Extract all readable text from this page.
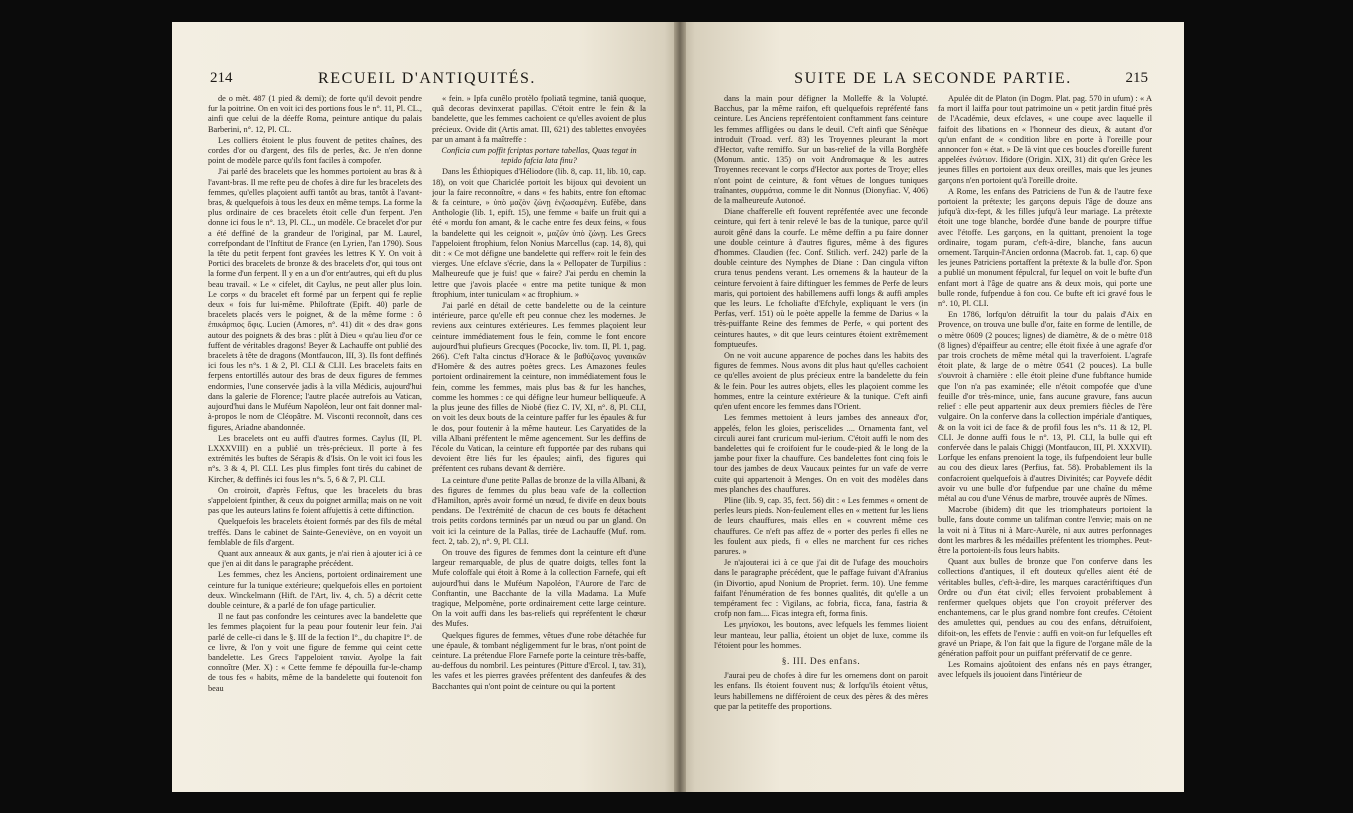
214	RECUEIL D'ANTIQUITÉS.

de o mèt. 487 (1 pied & demi); de forte qu'il devoit pendre fur la poitrine. On en voit ici des portions fous le n°. 11, Pl. CL., ainfi que celui de la déeffe Roma, peinture antique du palais Barberini, n°. 12, Pl. CL.

Les colliers étoient le plus fouvent de petites chaînes, des cordes d'or ou d'argent, des fils de perles, &c. Je n'en donne point de modèle parce qu'ils font faciles à compofer.

J'ai parlé des bracelets que les hommes portoient au bras & à l'avant-bras. Il me refte peu de chofes à dire fur les bracelets des femmes, qu'elles plaçoient auffi tantôt au bras, tantôt à l'avant-bras, & quelquefois à tous les deux en même temps. La forme la plus ordinaire de ces bracelets étoit celle d'un ferpent. J'en donne ici fous le n°. 13, Pl. CL., un modèle. Ce bracelet d'or pur a été deffiné de la grandeur de l'original, par M. Laurel, correfpondant de l'Inftitut de France (en Lyrien, l'an 1790). Sous la tête du petit ferpent font gravées les lettres K Y. On voit à Portici des bracelets de bronze & des bracelets d'or, qui tous ont la forme d'un ferpent. Il y en a un d'or entr'autres, qui eft du plus beau travail. « Le « cifelet, dit Caylus, ne peut aller plus loin. Le corps « du bracelet eft formé par un ferpent qui fe replie deux « fois fur lui-même. Philoftrate (Epift. 40) parle de bracelets placés vers le poignet, & de la même forme : ô ἐπικάρπιος ὄφις. Lucien (Amores, n°. 41) dit « des dra« gons autour des poignets & des bras : plût à Dieu « qu'au lieu d'or ce fuffent de véritables dragons! Beyer & Lachauffe ont publié des bracelets à tête de dragons (Montfaucon, III, 3). Ils font deffinés ici fous les n°s. 1 & 2, Pl. CLI & CLII. Les bracelets faits en ferpens entortillés autour des bras de deux figures de femmes endormies, l'une conservée jadis à la villa Médicis, aujourd'hui dans la galerie de Florence; l'autre placée autrefois au Vatican, aujourd'hui dans le Muféum Napoléon, leur ont fait donner mal-à-propos le nom de Cléopâtre. M. Visconti reconnoît, dans ces figures, Ariadne abandonnée.

Les bracelets ont eu auffi d'autres formes. Caylus (II, Pl. LXXXVIII) en a publié un très-précieux. Il porte à fes extrémités les buftes de Sérapis & d'Isis. On le voit ici fous les n°s. 3 & 4, Pl. CLI. Les plus fimples font tirés du cabinet de Kircher, & deffinés ici fous les n°s. 5, 6 & 7, Pl. CLI.

On croiroit, d'après Feftus, que les bracelets du bras s'appeloient fpinther, & ceux du poignet armilla; mais on ne voit pas que les auteurs latins fe foient affujettis à cette diftinction.

Quelquefois les bracelets étoient formés par des fils de métal treffés. Dans le cabinet de Sainte-Geneviève, on en voyoit un femblable de fils d'argent.

Quant aux anneaux & aux gants, je n'ai rien à ajouter ici à ce que j'en ai dit dans le paragraphe précédent.

Les femmes, chez les Anciens, portoient ordinairement une ceinture fur la tunique extérieure; quelquefois elles en portoient deux. Winckelmann (Hift. de l'Art, liv. 4, ch. 5) a décrit cette double ceinture, & a parlé de fon ufage particulier.

Il ne faut pas confondre les ceintures avec la bandelette que les femmes plaçoient fur la peau pour foutenir leur fein. J'ai parlé de celle-ci dans le §. III de la fection I°., du chapitre I°. de ce livre, & l'on y voit une figure de femme qui ceint cette bandelette. Les Grecs l'appeloient ταινία. Ayolpe la fait connoître (Mer. X) : « Cette femme fe dépouilla fur-le-champ de tous fes « habits, même de la bandelette qui foutenoit fon beau

« fein. » Ipfa cunêlo protèlo fpoliatâ tegmine, taniâ quoque, quâ decoras devinxerat papillas. C'étoit entre le fein & la bandelette, que les femmes cachoient ce qu'elles avoient de plus précieux. Ovide dit (Artis amat. III, 621) des tablettes envoyées par un amant à fa maîtreffe :

Conficia cum poffit fcriptas portare tabellas, Quas tegat in tepido fafcia lata finu?

Dans les Éthiopiques d'Héliodore (lib. 8, cap. 11, lib. 10, cap. 18), on voit que Chariclée portoit les bijoux qui devoient un jour la faire reconnoître, « dans « fes habits, entre fon eftomac & fa ceinture, » ὑπὸ μαζὸν ζώνῃ ἐνζωσαμένη. Eufèbe, dans Anthologie (lib. 1, epift. 15), une femme « baife un fruit qui a été « mordu fon amant, & le cache entre fes deux feins, « fous la bandelette qui les ceignoit », μαζῶν ὑπὸ ζώνῃ. Les Grecs l'appeloient ftrophium, felon Nonius Marcellus (cap. 14, 8), qui dit : « Ce mot défigne une bandelette qui reffer« roit le fein des vierges. Une efclave s'écrie, dans la « Pellopater de Turpilius : Malheureufe que je fuis! que « faire? J'ai perdu en chemin la lettre que j'avois placée « entre ma petite tunique & mon ftrophium, inter tuniculam « ac ftrophium. »

J'ai parlé en détail de cette bandelette ou de la ceinture intérieure, parce qu'elle eft peu connue chez les modernes. Je reviens aux ceintures extérieures. Les femmes plaçoient leur ceinture immédiatement fous le fein, comme le font encore aujourd'hui plufieurs Grecques (Pococke, liv. tom. II, Pl. 1, pag. 266). C'eft l'alta cinctus d'Horace & le βαθύζωνος γυναικῶν d'Homère & des autres poètes grecs. Les Amazones feules portoient ordinairement la ceinture, non immédiatement fous le fein, comme les femmes, mais plus bas & fur les hanches, comme les hommes : ce qui défigne leur humeur belliqueufe. A la plus jeune des filles de Niobé (fiez C. IV, XI, n°. 8, Pl. CLI, on voit les deux bouts de la ceinture paffer fur les épaules & fur le dos, pour foutenir à la même hauteur. Les Caryatides de la villa Albani préfentent le même agencement. Sur les deffins de l'école du Vatican, la ceinture eft fupportée par des rubans qui devoient être liés fur les épaules; ainfi, des figures qui préfentent ces rubans devant & derrière.

La ceinture d'une petite Pallas de bronze de la villa Albani, & des figures de femmes du plus beau vafe de la collection d'Hamilton, après avoir formé un nœud, fe divife en deux bouts pendans. De l'extrémité de chacun de ces bouts fe détachent trois petits cordons terminés par un nœud ou par un gland. On voit ici la ceinture de la Pallas, tirée de Lachauffe (Muf. rom. fect. 2, tab. 2), n°. 9, Pl. CLI.

On trouve des figures de femmes dont la ceinture eft d'une largeur remarquable, de plus de quatre doigts, telles font la Mufe coloffale qui étoit à Rome à la collection Farnefe, qui eft aujourd'hui dans le Muféum Napoléon, l'Aurore de l'arc de Conftantin, une Bacchante de la villa Madama. La Mufe tragique, Melpomène, porte ordinairement cette large ceinture. On la voit auffi dans les bas-reliefs qui repréfentent le chœur des Mufes.

Quelques figures de femmes, vêtues d'une robe détachée fur une épaule, & tombant négligemment fur le bras, n'ont point de ceinture. La prétendue Flore Farnefe porte la ceinture très-baffe, au-deffous du nombril. Les peintures (Pitture d'Ercol. I, tav. 31), les vafes et les pierres gravées préfentent des danfeufes & des Bacchantes qui n'ont point de ceinture ou qui la portent

SUITE DE LA SECONDE PARTIE.	215

dans la main pour défigner la Molleffe & la Volupté. Bacchus, par la même raifon, eft quelquefois repréfenté fans ceinture. Les Anciens repréfentoient conftamment fans ceinture les femmes affligées ou dans le deuil. C'eft ainfi que Sénèque introduit (Troad. verf. 83) les Troyennes pleurant la mort d'Hector, vafte remiffo. Sur un bas-relief de la villa Borghèfe (Monum. antic. 135) on voit Andromaque & les autres Troyennes recevant le corps d'Hector aux portes de Troye; elles n'ont point de ceinture, & font vêtues de longues tuniques traînantes, συρμάτια, comme le dit Nonnus (Dionyfiac. V, 406) de la malheureufe Autonoé.

Diane chafferelle eft fouvent repréfentée avec une feconde ceinture, qui fert à tenir relevé le bas de la tunique, parce qu'il auroit gêné dans la courfe. Le même deffin a pu faire donner une double ceinture à d'autres figures, même à des figures d'hommes. Claudien (fec. Conf. Stilich. verf. 242) parle de la double ceinture des Nymphes de Diane : Dan cingula vifton crura tenus pendens verant. Les ornemens & la hauteur de la ceinture fervoient à faire diftinguer les femmes de Perfe de leurs maris, qui portoient des habillemens auffi longs & auffi amples que les leurs. Le fcholiafte d'Efchyle, expliquant le vers (in Perfas, verf. 151) où le poète appelle la femme de Darius « la très-puiffante Reine des femmes de Perfe, « qui portent des ceintures hautes, » dit que leurs ceintures étoient extrêmement fomptueufes.

On ne voit aucune apparence de poches dans les habits des figures de femmes. Nous avons dit plus haut qu'elles cachoient ce qu'elles avoient de plus précieux entre la bandelette du fein & le fein. Pour les autres objets, elles les plaçoient comme les hommes, entre la ceinture extérieure & la tunique. C'eft ainfi qu'en ufent encore les femmes dans l'Orient.

Les femmes mettoient à leurs jambes des anneaux d'or, appelés, felon les gloies, periscelides .... Ornamenta fant, vel circuli aurei fant cruricum mul-ierium. C'étoit auffi le nom des bandelettes qui fe croifoient fur le coude-pied & le long de la jambe pour fixer la chauffure. Ces bandelettes font cinq fois le tour des jambes de deux Vaucaux peintes fur un vafe de verre cuite qui appartenoit à Menges. On en voit des modèles dans mes planches des chauffures.

Pline (lib. 9, cap. 35, fect. 56) dit : « Les femmes « ornent de perles leurs pieds. Non-feulement elles en « mettent fur les liens de leurs chauffures, mais elles en « couvrent même ces chauffures. Ce n'eft pas affez de « porter des perles fi elles ne les foulent aux pieds, fi « elles ne marchent fur ces riches parures. »

Je n'ajouterai ici à ce que j'ai dit de l'ufage des mouchoirs dans le paragraphe précédent, que le paffage fuivant d'Afranius (in Divortio, apud Nonium de Propriet. ferm. 10). Une femme faifant l'énumération de fes bonnes qualités, dit qu'elle a un tempérament fec : Vigilans, ac fobria, ficca, fana, fastria & crofp non fam.... Ficas integra eft, forma finis.

Les μηνίσκοι, les boutons, avec lefquels les femmes lioient leur manteau, leur pallia, étoient un objet de luxe, comme ils l'étoient pour les hommes.

§. III. Des enfans.

J'aurai peu de chofes à dire fur les ornemens dont on paroit les enfans. Ils étoient fouvent nus; & lorfqu'ils étoient vêtus, leurs habillemens ne différoient de ceux des pères & des mères que par la petiteffe des proportions.

Apulée dit de Platon (in Dogm. Plat. pag. 570 in ufum) : « A fa mort il laiffa pour tout patrimoine un « petit jardin fitué près de l'Académie, deux efclaves, « une coupe avec laquelle il faifoit des libations en « l'honneur des dieux, & autant d'or qu'un enfant de « condition libre en porte à l'oreille pour annoncer fon « état. » De là vint que ces boucles d'oreille furent appelées ἐνώτιον. Ifidore (Origin. XIX, 31) dit qu'en Grèce les jeunes filles en portoient aux deux oreilles, mais que les jeunes garçons n'en portoient qu'à l'oreille droite.

A Rome, les enfans des Patriciens de l'un & de l'autre fexe portoient la prétexte; les garçons depuis l'âge de douze ans jufqu'à dix-fept, & les filles jufqu'à leur mariage. La prétexte étoit une toge blanche, bordée d'une bande de pourpre tiffue avec l'étoffe. Les garçons, en la quittant, prenoient la toge ordinaire, togam puram, c'eft-à-dire, blanche, fans aucun ornement. Tarquin-l'Ancien ordonna (Macrob. fat. 1, cap. 6) que les jeunes Patriciens portaffent la prétexte & la bulle d'or. Spon a publié un monument fépulcral, fur lequel on voit le bufte d'un enfant mort à l'âge de quatre ans & deux mois, qui porte une bulle ronde, fufpendue à fon cou. Ce bufte eft ici gravé fous le n°. 10, Pl. CLI.

En 1786, lorfqu'on détruifit la tour du palais d'Aix en Provence, on trouva une bulle d'or, faite en forme de lentille, de o mètre 0609 (2 pouces; lignes) de diamètre, & de o mètre 018 (8 lignes) d'épaiffeur au centre; elle étoit fixée à une agrafe d'or par trois crochets de même métal qui la traverfoient. L'agrafe étoit plate, & large de o mètre 0541 (2 pouces). La bulle s'ouvroit à charnière : elle étoit pleine d'une fubftance humide que l'on n'a pas examinée; elle n'étoit compofée que d'une feuille d'or très-mince, unie, fans aucune gravure, fans aucun relief : elle peut appartenir aux deux premiers fiècles de l'ère vulgaire. On la conferve dans la collection impériale d'antiques, & on la voit ici de face & de profil fous les n°s. 11 & 12, Pl. CLI. Je donne auffi fous le n°. 13, Pl. CLI, la bulle qui eft confervée dans le palais Chiggi (Montfaucon, III, Pl. XXXVII). Lorfque les enfans prenoient la toge, ils fufpendoient leur bulle au cou des dieux lares (Perfius, fat. 58). Probablement ils la confacroient quelquefois à d'autres Divinités; car Poyvefe dédit avoir vu une bulle d'or fufpendue par une chaîne du même métal au cou d'une Vénus de marbre, trouvée auprès de Nîmes.

Macrobe (ibidem) dit que les triomphateurs portoient la bulle, fans doute comme un talifman contre l'envie; mais on ne la voit ni à Titus ni à Marc-Aurèle, ni aux autres perfonnages dont les marbres & les médailles préfentent les triomphes. Peut-être la portoient-ils fous leurs habits.

Quant aux bulles de bronze que l'on conferve dans les collections d'antiques, il eft douteux qu'elles aient été de véritables bulles, c'eft-à-dire, les marques caractériftiques d'un Ordre ou d'un état civil; elles fervoient probablement à renfermer quelques objets que l'on croyoit préferver des enchantemens, car le plus grand nombre font creufes. C'étoient des amulettes qui, pendues au cou des enfans, détruifoient, difoit-on, les effets de l'envie : auffi en voit-on fur lefquelles eft gravé un Priape, & l'on fait que la figure de l'organe mâle de la génération paffoit pour un puiffant préfervatif de ce genre.

Les Romains ajoûtoient des enfans nés en pays étranger, avec lefquels ils jouoient dans l'intérieur de
